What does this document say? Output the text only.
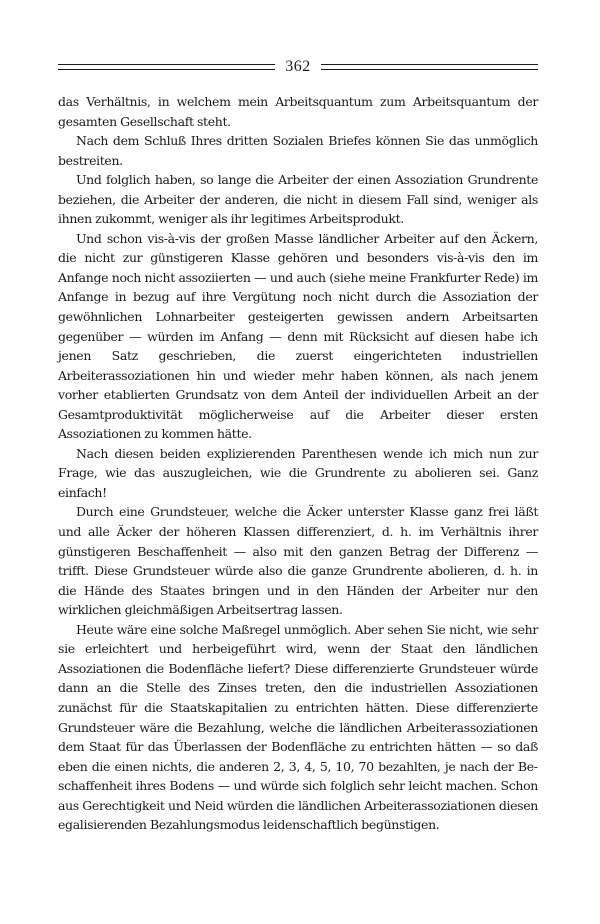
362

das Verhältnis, in welchem mein Arbeitsquantum zum Arbeitsquantum der gesamten Gesellschaft steht.

Nach dem Schluß Ihres dritten Sozialen Briefes können Sie das unmöglich bestreiten.

Und folglich haben, so lange die Arbeiter der einen Assoziation Grundrente beziehen, die Arbeiter der anderen, die nicht in diesem Fall sind, weniger als ihnen zukommt, weniger als ihr legitimes Arbeitsprodukt.

Und schon vis-à-vis der großen Masse ländlicher Arbeiter auf den Äckern, die nicht zur günstigeren Klasse gehören und besonders vis-à-vis den im Anfange noch nicht assoziierten — und auch (siehe meine Frankfurter Rede) im Anfange in bezug auf ihre Vergütung noch nicht durch die Assoziation der gewöhnlichen Lohnarbeiter gesteigerten gewissen andern Arbeitsarten gegenüber — würden im Anfang — denn mit Rücksicht auf diesen habe ich jenen Satz geschrieben, die zuerst eingerichteten industriellen Arbeiterassoziationen hin und wieder mehr haben können, als nach jenem vorher etablierten Grundsatz von dem Anteil der individuellen Arbeit an der Gesamtproduktivität möglicherweise auf die Arbeiter dieser ersten Assoziationen zu kommen hätte.

Nach diesen beiden explizierenden Parenthesen wende ich mich nun zur Frage, wie das auszugleichen, wie die Grundrente zu abolieren sei. Ganz einfach!

Durch eine Grundsteuer, welche die Äcker unterster Klasse ganz frei läßt und alle Äcker der höheren Klassen differenziert, d. h. im Verhältnis ihrer günstigeren Beschaffenheit — also mit den ganzen Betrag der Differenz — trifft. Diese Grundsteuer würde also die ganze Grundrente abolieren, d. h. in die Hände des Staates bringen und in den Händen der Arbeiter nur den wirklichen gleichmäßigen Arbeitsertrag lassen.

Heute wäre eine solche Maßregel unmöglich. Aber sehen Sie nicht, wie sehr sie erleichtert und herbeigeführt wird, wenn der Staat den ländlichen Assoziationen die Bodenfläche liefert? Diese differenzierte Grundsteuer würde dann an die Stelle des Zinses treten, den die industriellen Assoziationen zunächst für die Staatskapitalien zu entrichten hätten. Diese differenzierte Grundsteuer wäre die Bezahlung, welche die ländlichen Arbeiterassoziationen dem Staat für das Überlassen der Bodenfläche zu entrichten hätten — so daß eben die einen nichts, die anderen 2, 3, 4, 5, 10, 70 bezahlten, je nach der Beschaffenheit ihres Bodens — und würde sich folglich sehr leicht machen. Schon aus Gerechtigkeit und Neid würden die ländlichen Arbeiterassoziationen diesen egalisierenden Bezahlungsmodus leidenschaftlich begünstigen.
